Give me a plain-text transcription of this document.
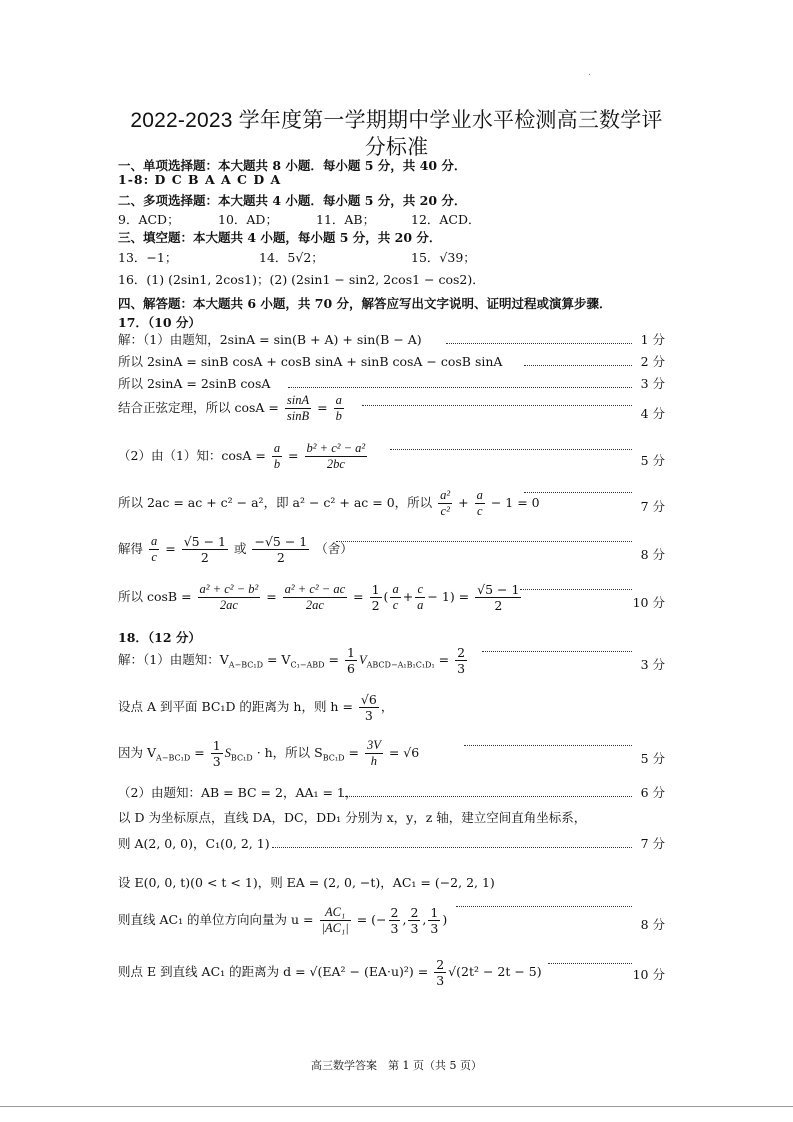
2022-2023 学年度第一学期期中学业水平检测高三数学评
分标准
.
一、单项选择题：本大题共 8 小题．每小题 5 分，共 40 分．
1-8: D C B A A C D A
二、多项选择题：本大题共 4 小题．每小题 5 分，共 20 分．
9．ACD；	10．AD；	11．AB；	12．ACD．
三、填空题：本大题共 4 小题，每小题 5 分，共 20 分．
13．−1；	14．5√2；	15．√39；
16．(1) (2sin1, 2cos1)；(2) (2sin1 − sin2, 2cos1 − cos2)．
四、解答题：本大题共 6 小题，共 70 分，解答应写出文字说明、证明过程或演算步骤．
17．（10 分）
解：（1）由题知，2sinA = sin(B + A) + sin(B − A)	1 分
所以 2sinA = sinB cosA + cosB sinA + sinB cosA − cosB sinA	2 分
所以 2sinA = 2sinB cosA	3 分
结合正弦定理，所以 $\cos A = \frac{\sin A}{\sin B} = \frac{a}{b}$	4 分
（2）由（1）知：$\cos A = \frac{a}{b} = \frac{\text{b² + c² − a²}}{2bc}$	5 分
所以 2ac = ac + c² − a²，即 a² − c² + ac = 0，所以 $\frac{\text{a²}}{\text{c²}} + \frac{a}{c} - 1 = 0$	7 分
解得 $\frac{a}{c} = \frac{√5 - 1}{2}$ 或 $\frac{-√5 - 1}{2}$ （舍）	8 分
所以 $\cos B = \frac{\text{a² + c² − b²}}{2ac} = \frac{\text{a² + c² − ac}}{2ac} = \frac{1}{2}$ ( $\frac{a}{c} + \frac{c}{a} - 1) = \frac{√5 - 1}{2}$	10 分
18．（12 分）
解：（1）由题知：$V_{A-BC_1D} = V_{C_1-ABD} = \frac{1}{6} V_{ABCD-A_1B_1C_1D_1} = \frac{2}{3}$	3 分
设点 A 到平面 BC₁D 的距离为 h，则 $h = \frac{√6}{3}$ ，
因为 $V_{A-BC_1D} = \frac{1}{3} S_{BC_1D} \cdot h$，所以 $S_{BC_1D} = \frac{3V}{h} = √6$	5 分
（2）由题知：AB = BC = 2，AA₁ = 1，	6 分
以 D 为坐标原点，直线 DA，DC，DD₁ 分别为 x，y，z 轴，建立空间直角坐标系，
则 A(2, 0, 0)，C₁(0, 2, 1)	7 分
设 E(0, 0, t)(0 < t < 1)，则 EA = (2, 0, −t)，AC₁ = (−2, 2, 1)
则直线 AC₁ 的单位方向向量为 $u = \frac{\text{AC₁}}{\text{|AC₁|}}$ = (− $\frac{2}{3}$ , $\frac{2}{3}$ , $\frac{1}{3}$ )	8 分
则点 E 到直线 AC₁ 的距离为 $d = √(EA^2 - (EA\cdot u)^2) = \frac{2}{3} √(2t^2 - 2t - 5)$	10 分
高三数学答案　第 1 页（共 5 页）
